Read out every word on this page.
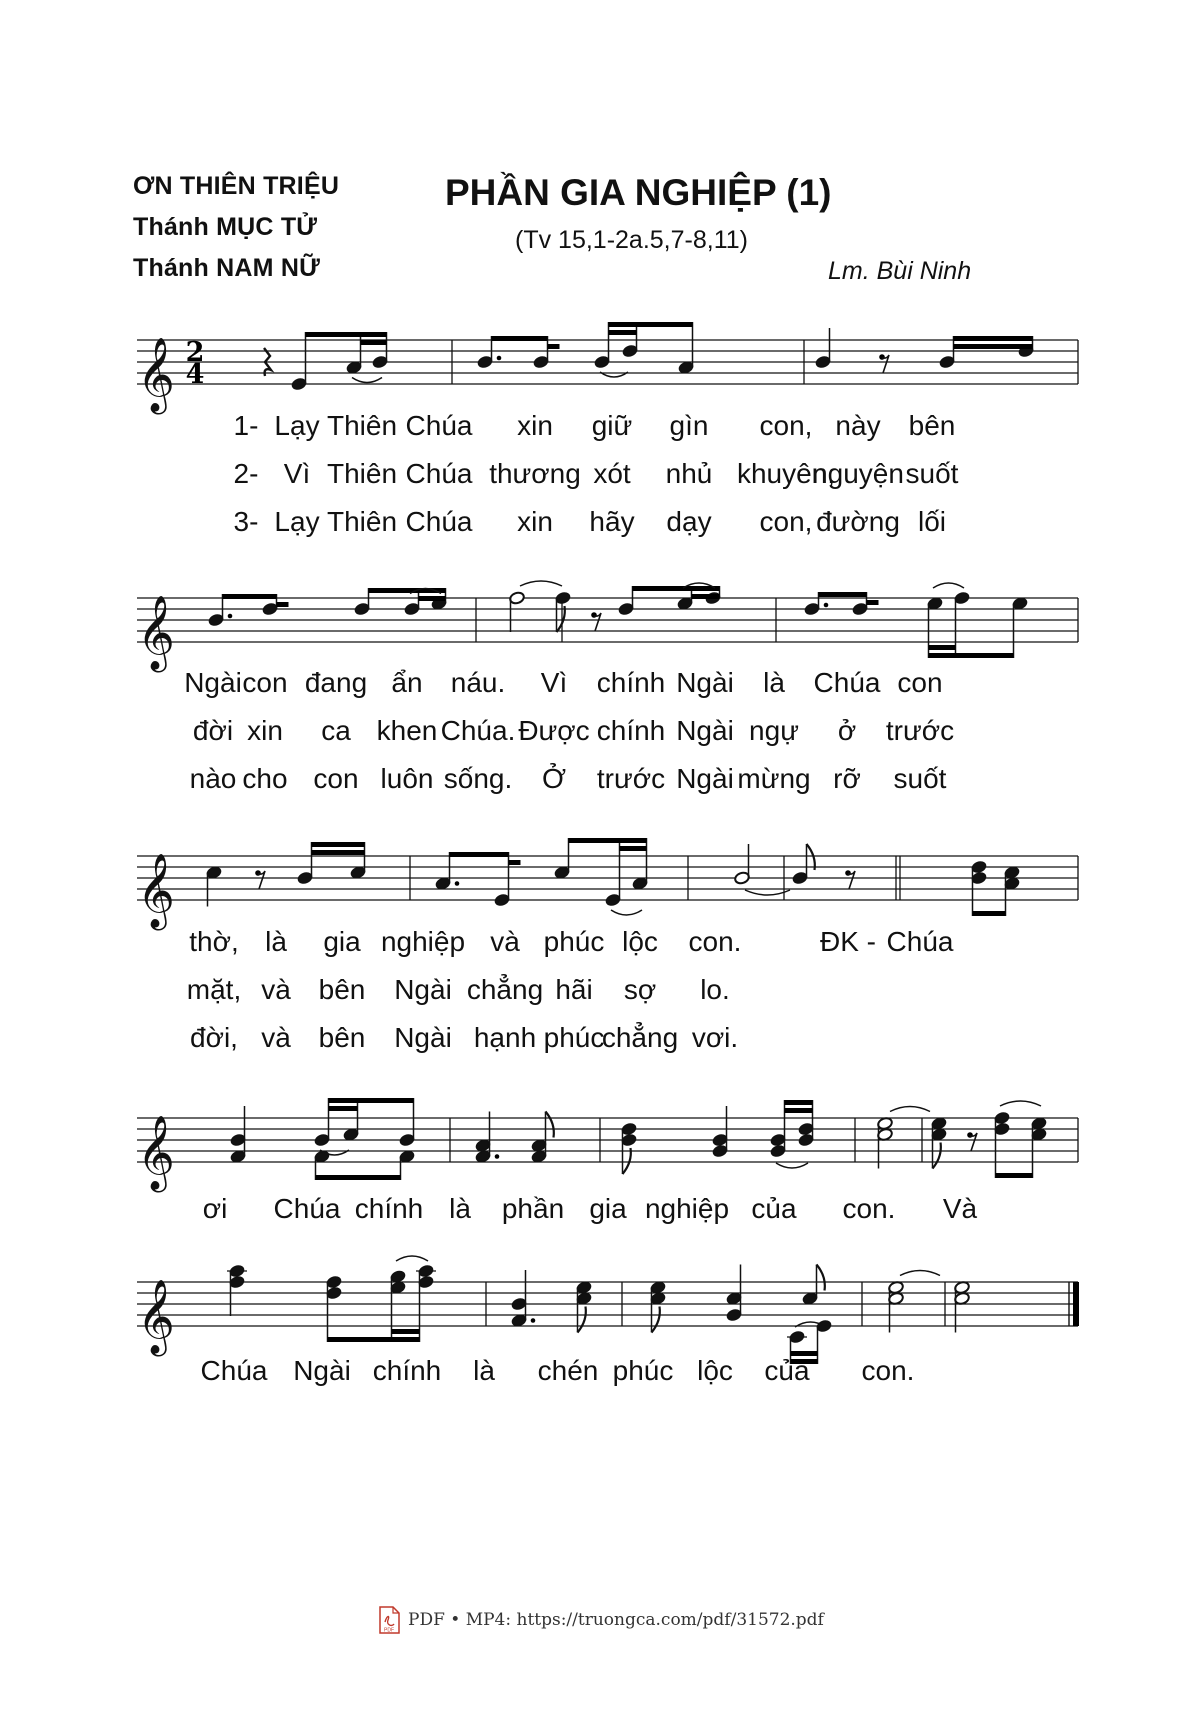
ƠN THIÊN TRIỆU
Thánh MỤC TỬ
Thánh NAM NỮ
PHẦN GIA NGHIỆP (1)
(Tv 15,1-2a.5,7-8,11)
Lm. Bùi Ninh
𝄞 2
4
1- Lạy Thiên Chúa xin giữ gìn con, này bên
2- Vì Thiên Chúa thương xót nhủ khuyên,
nguyện suốt
3- Lạy Thiên Chúa xin hãy dạy con, đường lối
𝄞
Ngài con đang ẩn náu. Vì chính Ngài là Chúa con
đời xin ca khen Chúa. Được chính Ngài ngự ở trước
nào cho con luôn sống. Ở trước Ngài mừng rỡ suốt
𝄞
thờ, là gia nghiệp và phúc lộc con.	ĐK - Chúa
mặt, và bên Ngài chẳng hãi sợ lo.
đời, và bên Ngài hạnh phúc
chẳng vơi.
𝄞
ơi Chúa chính là phần gia nghiệp của con. Và
𝄞
Chúa Ngài chính là chén phúc lộc của con.
PDF
PDF • MP4: https://truongca.com/pdf/31572.pdf
